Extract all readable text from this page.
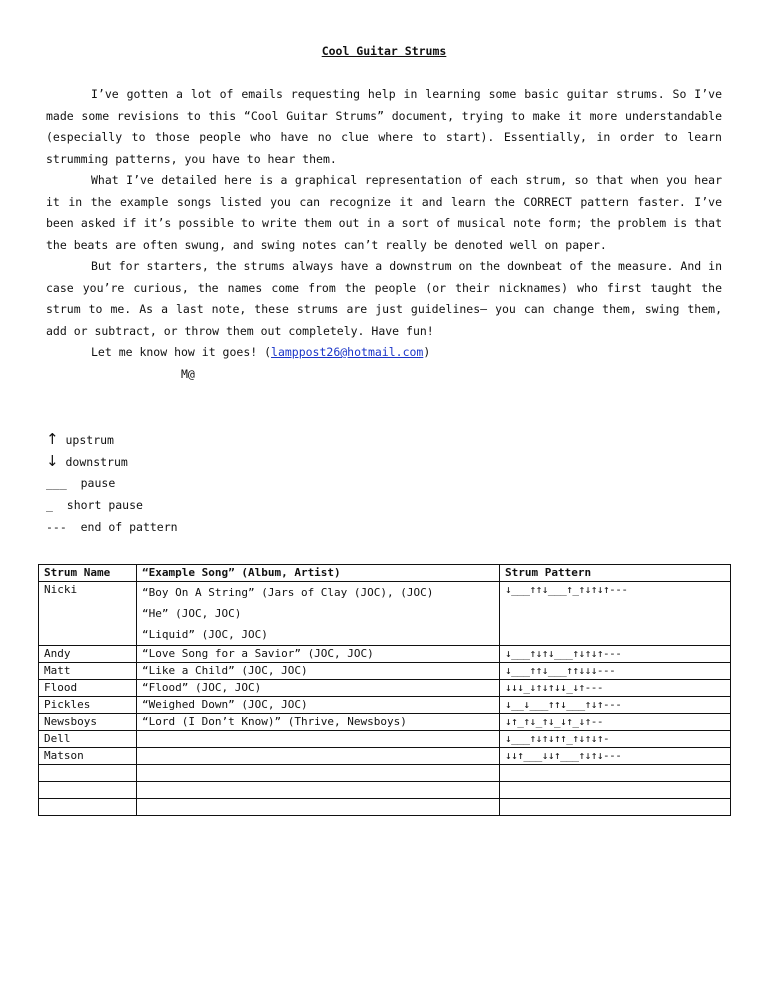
Cool Guitar Strums

I’ve gotten a lot of emails requesting help in learning some basic guitar strums. So I’ve made some revisions to this “Cool Guitar Strums” document, trying to make it more understandable (especially to those people who have no clue where to start). Essentially, in order to learn strumming patterns, you have to hear them.

What I’ve detailed here is a graphical representation of each strum, so that when you hear it in the example songs listed you can recognize it and learn the CORRECT pattern faster. I’ve been asked if it’s possible to write them out in a sort of musical note form; the problem is that the beats are often swung, and swing notes can’t really be denoted well on paper.

But for starters, the strums always have a downstrum on the downbeat of the measure. And in case you’re curious, the names come from the people (or their nicknames) who first taught the strum to me. As a last note, these strums are just guidelines– you can change them, swing them, add or subtract, or throw them out completely. Have fun!

Let me know how it goes! (lamppost26@hotmail.com)

M@

↑ upstrum
↓ downstrum
___  pause
_  short pause
---  end of pattern
Strum Name	“Example Song” (Album, Artist)	Strum Pattern
Nicki	“Boy On A String” (Jars of Clay (JOC), (JOC)
“He” (JOC, JOC)
“Liquid” (JOC, JOC)	↓___↑↑↓___↑_↑↓↑↓↑---
Andy	“Love Song for a Savior” (JOC, JOC)	↓___↑↓↑↓___↑↓↑↓↑---
Matt	“Like a Child” (JOC, JOC)	↓___↑↑↓___↑↑↓↓↓---
Flood	“Flood” (JOC, JOC)	↓↓↓_↓↑↓↑↓↓_↓↑---
Pickles	“Weighed Down” (JOC, JOC)	↓__↓___↑↑↓___↑↓↑---
Newsboys	“Lord (I Don’t Know)” (Thrive, Newsboys)	↓↑_↑↓_↑↓_↓↑_↓↑--
Dell		↓___↑↓↑↓↑↑_↑↓↑↓↑-
Matson		↓↓↑___↓↓↑___↑↓↑↓---
